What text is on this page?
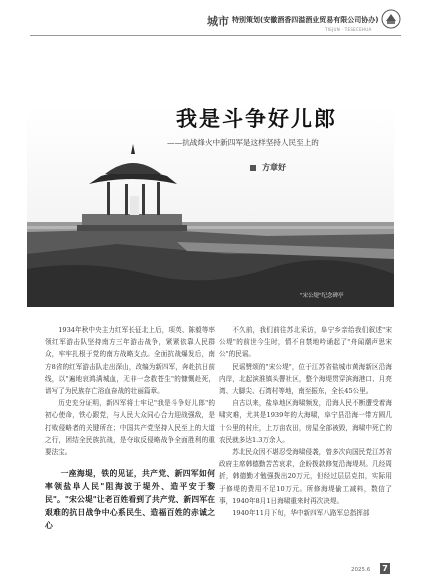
城市 特别策划(安徽酒香四溢酒业贸易有限公司协办)
TIEJUN · TESECEHUA
我是斗争好儿郎
——抗战烽火中新四军是这样坚持人民至上的
方章好
"宋公堤"纪念碑亭

1934年秋中央主力红军长征北上后，项英、陈毅等率领红军游击队坚持南方三年游击战争，紧紧依靠人民群众，牢牢扎根于党的南方战略支点。全面抗战爆发后，南方8省的红军游击队走出深山，改编为新四军，奔赴抗日前线，以"遍地哀鸿满城血，无非一念救苍生"的慷慨赴死，谱写了为民族存亡浴血奋战的壮丽篇章。

历史充分证明，新四军将士牢记"我是斗争好儿郎"的初心使命，铁心跟党，与人民大众同心合力迎战强敌，是打败侵略者的关键所在；中国共产党坚持人民至上的大道之行，团结全民族抗战，是夺取反侵略战争全面胜利的重要法宝。

一座海堤，铁的见证，共产党、新四军如何率领盐阜人民"阻海波于堤外、造平安于黎民"。"宋公堤"让老百姓看到了共产党、新四军在艰难的抗日战争中心系民生、造福百姓的赤诚之心

不久前，我们前往苏北采访，阜宁乡亲给我们叙述"宋公堤"的前世今生时，情不自禁地吟诵起了"舟闻潮声思宋公"的民谣。

民谣赞颂的"宋公堤"，位于江苏省盐城市黄海新区沿海内岸，北起滨淮镇头罾社区，整个海堤贯穿滨海港口、月亮湾、大脚尖、石湾村等地，南至振东，全长45公里。

自古以来，盐阜地区海啸频发，沿海人民不断遭受着海啸灾难，尤其是1939年的大海啸，阜宁县沿海一带方圆几十公里的村庄，上万亩农田，房屋全部被毁，海啸中死亡的农民就多达1.3万余人。

苏北民众因不堪忍受海啸侵袭，曾多次向国民党江苏省政府主席韩德勤苦苦哀求，企盼拨款修复沿海堤坝。几经周折，韩德勤才勉强拨出20万元，但经过层层克扣，实际用于修堤的费用不足10万元。所修海堤偷工减料，数信了事，1940年8月1日海啸重来时再次决堤。

1940年11月下旬，华中新四军八路军总指挥部

2025.6 7
